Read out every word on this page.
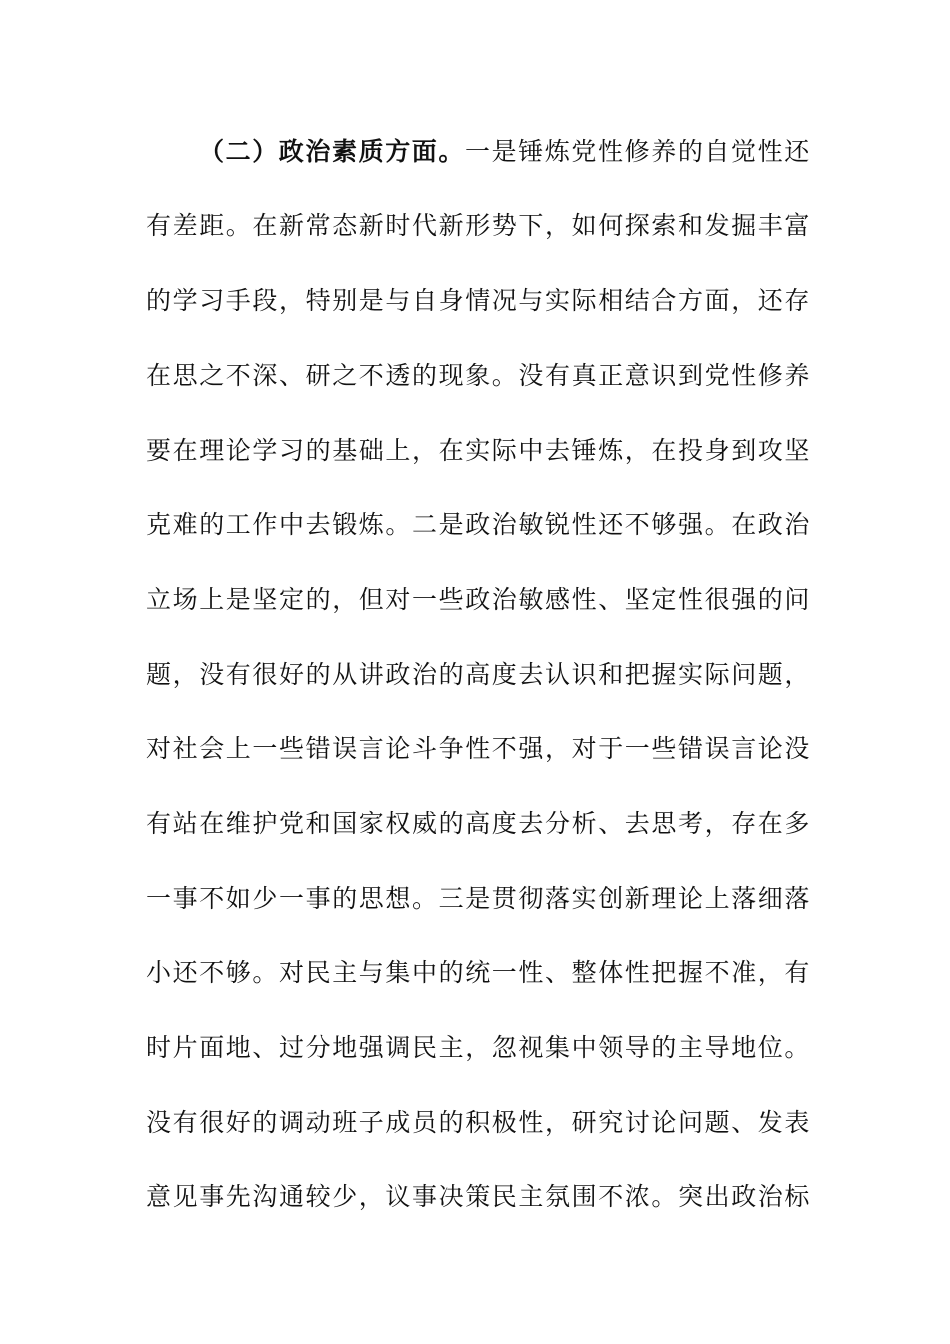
（二）政治素质方面。一是锤炼党性修养的自觉性还
有差距。在新常态新时代新形势下，如何探索和发掘丰富
的学习手段，特别是与自身情况与实际相结合方面，还存
在思之不深、研之不透的现象。没有真正意识到党性修养
要在理论学习的基础上，在实际中去锤炼，在投身到攻坚
克难的工作中去锻炼。二是政治敏锐性还不够强。在政治
立场上是坚定的，但对一些政治敏感性、坚定性很强的问
题，没有很好的从讲政治的高度去认识和把握实际问题，
对社会上一些错误言论斗争性不强，对于一些错误言论没
有站在维护党和国家权威的高度去分析、去思考，存在多
一事不如少一事的思想。三是贯彻落实创新理论上落细落
小还不够。对民主与集中的统一性、整体性把握不准，有
时片面地、过分地强调民主，忽视集中领导的主导地位。
没有很好的调动班子成员的积极性，研究讨论问题、发表
意见事先沟通较少，议事决策民主氛围不浓。突出政治标
